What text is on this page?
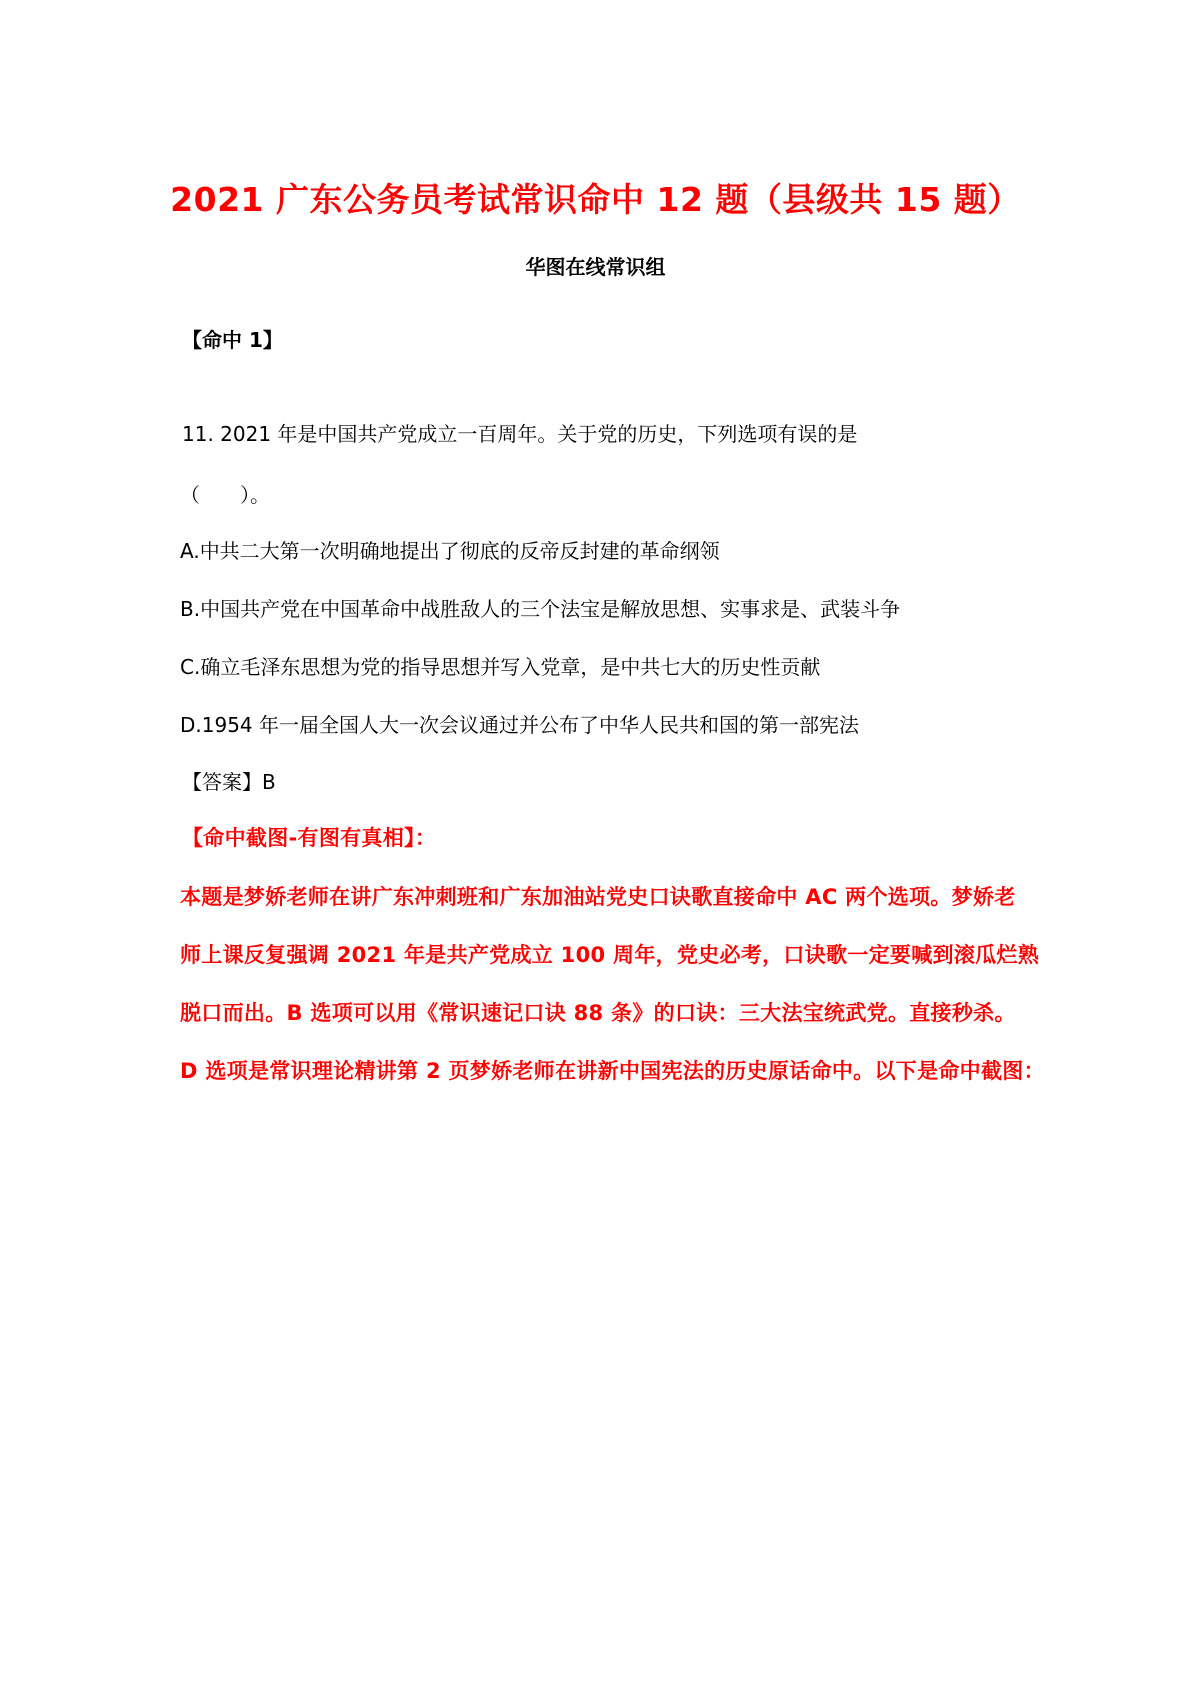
2021 广东公务员考试常识命中 12 题（县级共 15 题）
华图在线常识组
【命中 1】
11. 2021 年是中国共产党成立一百周年。关于党的历史，下列选项有误的是
（　　）。
A.中共二大第一次明确地提出了彻底的反帝反封建的革命纲领
B.中国共产党在中国革命中战胜敌人的三个法宝是解放思想、实事求是、武装斗争
C.确立毛泽东思想为党的指导思想并写入党章，是中共七大的历史性贡献
D.1954 年一届全国人大一次会议通过并公布了中华人民共和国的第一部宪法
【答案】B
【命中截图-有图有真相】：
本题是梦娇老师在讲广东冲刺班和广东加油站党史口诀歌直接命中 AC 两个选项。梦娇老
师上课反复强调 2021 年是共产党成立 100 周年，党史必考，口诀歌一定要喊到滚瓜烂熟
脱口而出。B 选项可以用《常识速记口诀 88 条》的口诀：三大法宝统武党。直接秒杀。
D 选项是常识理论精讲第 2 页梦娇老师在讲新中国宪法的历史原话命中。以下是命中截图：
